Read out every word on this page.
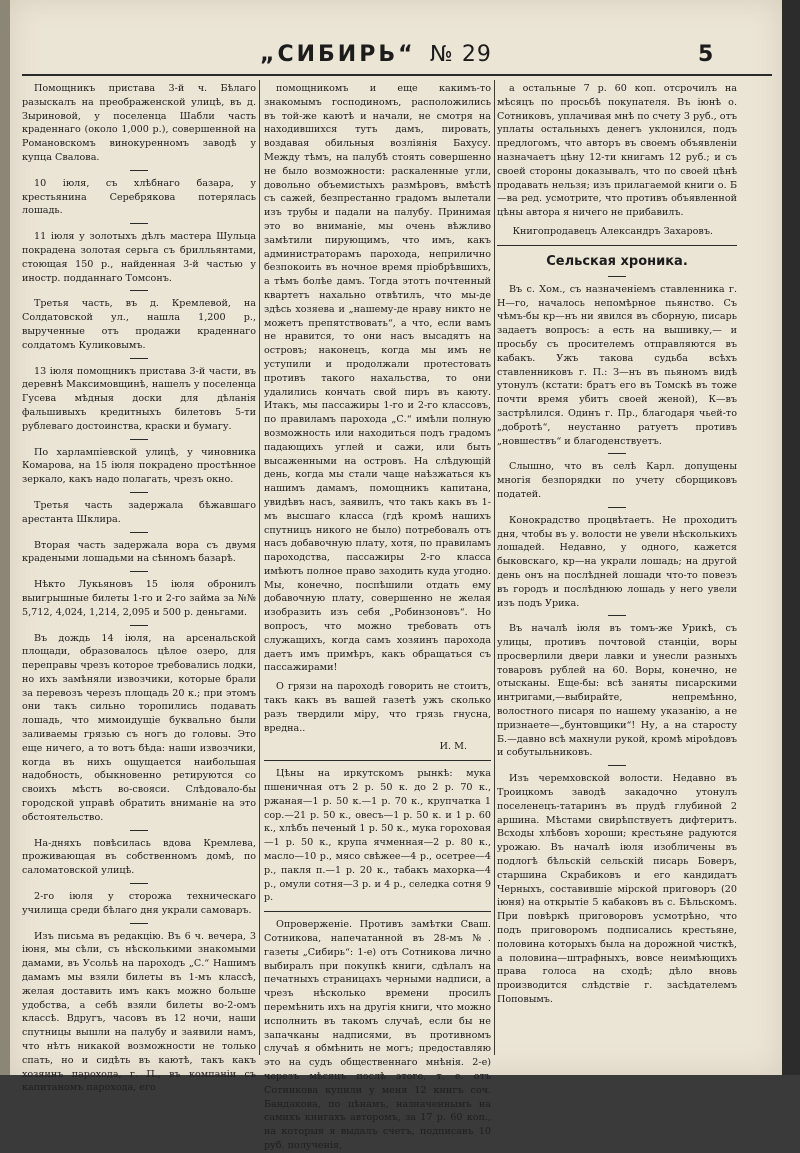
„СИБИРЬ“ № 29	5

Помощникъ пристава 3-й ч. Бѣлаго разыскалъ на преображенской улицѣ, въ д. Зыриновой, у поселенца Шабли часть краденнаго (около 1,000 р.), совершенной на Романовскомъ винокуренномъ заводѣ у купца Свалова.

10 іюля, съ хлѣбнаго базара, у крестьянина Серебрякова потерялась лошадь.

11 іюля у золотыхъ дѣлъ мастера Шульца покрадена золотая серьга съ брилльянтами, стоющая 150 р., найденная 3-й частью у иностр. подданнаго Томсонъ.

Третья часть, въ д. Кремлевой, на Солдатовской ул., нашла 1,200 р., вырученные отъ продажи краденнаго солдатомъ Куликовымъ.

13 іюля помощникъ пристава 3-й части, въ деревнѣ Максимовщинѣ, нашелъ у поселенца Гусева мѣдныя доски для дѣланія фальшивыхъ кредитныхъ билетовъ 5-ти рублеваго достоинства, краски и бумагу.

По харлампіевской улицѣ, у чиновника Комарова, на 15 іюля покрадено простѣнное зеркало, какъ надо полагать, чрезъ окно.

Третья часть задержала бѣжавшаго арестанта Шклира.

Вторая часть задержала вора съ двумя крадеными лошадьми на сѣнномъ базарѣ.

Нѣкто Лукьяновъ 15 іюля обронилъ выигрышные билеты 1-го и 2-го займа за №№ 5,712, 4,024, 1,214, 2,095 и 500 р. деньгами.

Въ дождь 14 іюля, на арсенальской площади, образовалось цѣлое озеро, для переправы чрезъ которое требовались лодки, но ихъ замѣняли извозчики, которые брали за перевозъ черезъ площадь 20 к.; при этомъ они такъ сильно торопились подавать лошадь, что мимоидущіе буквально были заливаемы грязью съ ногъ до головы. Это еще ничего, а то вотъ бѣда: наши извозчики, когда въ нихъ ощущается наибольшая надобность, обыкновенно ретируются со своихъ мѣстъ во-свояси. Слѣдовало-бы городской управѣ обратить вниманіе на это обстоятельство.

На-дняхъ повѣсилась вдова Кремлева, проживающая въ собственномъ домѣ, по саломатовской улицѣ.

2-го іюля у сторожа техническаго училища среди бѣлаго дня украли самоваръ.

Изъ письма въ редакцію. Въ 6 ч. вечера, 3 іюня, мы сѣли, съ нѣсколькими знакомыми дамами, въ Усольѣ на пароходъ „С.“ Нашимъ дамамъ мы взяли билеты въ 1-мъ классѣ, желая доставить имъ какъ можно больше удобства, а себѣ взяли билеты во-2-омъ классѣ. Вдругъ, часовъ въ 12 ночи, наши спутницы вышли на палубу и заявили намъ, что нѣтъ никакой возможности не только спать, но и сидѣть въ каютѣ, такъ какъ хозяинъ парохода, г. П., въ компаніи съ капитаномъ парохода, его

помощникомъ и еще какимъ-то знакомымъ господиномъ, расположились въ той-же каютѣ и начали, не смотря на находившихся тутъ дамъ, пировать, воздавая обильныя возліянія Бахусу. Между тѣмъ, на палубѣ стоять совершенно не было возможности: раскаленные угли, довольно объемистыхъ размѣровъ, вмѣстѣ съ сажей, безпрестанно градомъ вылетали изъ трубы и падали на палубу. Принимая это во вниманіе, мы очень вѣжливо замѣтили пирующимъ, что имъ, какъ администраторамъ парохода, неприлично безпокоить въ ночное время пріобрѣвшихъ, а тѣмъ болѣе дамъ. Тогда этотъ почтенный квартетъ нахально отвѣтилъ, что мы-де здѣсь хозяева и „нашему-де нраву никто не можетъ препятствовать“, а что, если вамъ не нравится, то они насъ высадятъ на островъ; наконецъ, когда мы имъ не уступили и продолжали протестовать противъ такого нахальства, то они удалились кончать свой пиръ въ каюту. Итакъ, мы пассажиры 1-го и 2-го классовъ, по правиламъ парохода „С.“ имѣли полную возможность или находиться подъ градомъ падающихъ углей и сажи, или быть высаженными на островъ. На слѣдующій день, когда мы стали чаще наѣзжаться къ нашимъ дамамъ, помощникъ капитана, увидѣвъ насъ, заявилъ, что такъ какъ въ 1-мъ высшаго класса (гдѣ кромѣ нашихъ спутницъ никого не было) потребовалъ отъ насъ добавочную плату, хотя, по правиламъ пароходства, пассажиры 2-го класса имѣютъ полное право заходить куда угодно. Мы, конечно, поспѣшили отдать ему добавочную плату, совершенно не желая изобразить изъ себя „Робинзоновъ“. Но вопросъ, что можно требовать отъ служащихъ, когда самъ хозяинъ парохода даетъ имъ примѣръ, какъ обращаться съ пассажирами!

О грязи на пароходѣ говорить не стоитъ, такъ какъ въ вашей газетѣ ужъ сколько разъ твердили міру, что грязь гнусна, вредна..

И. М.

Цѣны на иркутскомъ рынкѣ: мука пшеничная отъ 2 р. 50 к. до 2 р. 70 к., ржаная—1 р. 50 к.—1 р. 70 к., крупчатка 1 сор.—21 р. 50 к., овесъ—1 р. 50 к. и 1 р. 60 к., хлѣбъ печеный 1 р. 50 к., мука гороховая—1 р. 50 к., крупа ячменная—2 р. 80 к., масло—10 р., мясо свѣжее—4 р., осетрее—4 р., пакля п.—1 р. 20 к., табакъ махорка—4 р., омули сотня—3 р. и 4 р., селедка сотня 9 р.

Опроверженіе. Противъ замѣтки Сваш. Сотникова, напечатанной въ 28-мъ №. газеты „Сибирь“: 1-е) отъ Сотникова лично выбиралъ при покупкѣ книги, сдѣлалъ на печатныхъ страницахъ черными надписи, а чрезъ нѣсколько времени просилъ перемѣнить ихъ на другія книги, что можно исполнить въ такомъ случаѣ, если бы не запачканы надписями, въ противномъ случаѣ я обмѣнить не могъ; предоставляю это на судъ общественнаго мнѣнія. 2-е) черезъ мѣсяцъ послѣ этого, т. е. отъ Сотникова купили у меня 12 книгъ соч. Бандакова, по цѣнамъ, назначеннымъ на самихъ книгахъ авторомъ, за 17 р. 60 коп., на которыя я выдалъ счетъ, подписавъ 10 руб. полученія,

а остальные 7 р. 60 коп. отсрочилъ на мѣсяцъ по просьбѣ покупателя. Въ іюнѣ о. Сотниковъ, уплачивая мнѣ по счету 3 руб., отъ уплаты остальныхъ денегъ уклонился, подъ предлогомъ, что авторъ въ своемъ объявленіи назначаетъ цѣну 12-ти книгамъ 12 руб.; и съ своей стороны доказывалъ, что по своей цѣнѣ продавать нельзя; изъ прилагаемой книги о. Б—ва ред. усмотрите, что противъ объявленной цѣны автора я ничего не прибавилъ.

Книгопродавецъ Александръ Захаровъ.

Сельская хроника.

Въ с. Хом., съ назначеніемъ ставленника г. Н—го, началось непомѣрное пьянство. Съ чѣмъ-бы кр—нъ ни явился въ сборную, писарь задаетъ вопросъ: а есть на вышивку,— и просьбу съ просителемъ отправляются въ кабакъ. Ужъ такова судьба всѣхъ ставленниковъ г. П.: З—нъ въ пьяномъ видѣ утонулъ (кстати: братъ его въ Томскѣ въ тоже почти время убитъ своей женой), К—въ застрѣлился. Одинъ г. Пр., благодаря чьей-то „добротѣ“, неустанно ратуетъ противъ „новшествъ“ и благоденствуетъ.

Слышно, что въ селѣ Карл. допущены многія безпорядки по учету сборщиковъ податей.

Конокрадство процвѣтаетъ. Не проходитъ дня, чтобы въ у. волости не увели нѣсколькихъ лошадей. Недавно, у одного, кажется быковскаго, кр—на украли лошадь; на другой день онъ на послѣдней лошади что-то повезъ въ городъ и послѣднюю лошадь у него увели изъ подъ Урика.

Въ началѣ іюля въ томъ-же Урикѣ, съ улицы, противъ почтовой станціи, воры просверлили двери лавки и унесли разныхъ товаровъ рублей на 60. Воры, конечно, не отысканы. Еще-бы: всѣ заняты писарскими интригами,—выбирайте, непремѣнно, волостного писаря по нашему указанію, а не признаете—„бунтовщики“! Ну, а на старосту Б.—давно всѣ махнули рукой, кромѣ міроѣдовъ и собутыльниковъ.

Изъ черемховской волости. Недавно въ Троицкомъ заводѣ закадочно утонулъ поселенецъ-татаринъ въ прудѣ глубиной 2 аршина. Мѣстами свирѣпствуетъ дифтеритъ. Всходы хлѣбовъ хороши; крестьяне радуются урожаю. Въ началѣ іюля изобличены въ подлогѣ бѣльскій сельскій писарь Боверъ, старшина Скрабиковъ и его кандидатъ Черныхъ, составившіе мірской приговоръ (20 іюня) на открытіе 5 кабаковъ въ с. Бѣльскомъ. При повѣркѣ приговоровъ усмотрѣно, что подъ приговоромъ подписались крестьяне, половина которыхъ была на дорожной чисткѣ, а половина—штрафныхъ, вовсе неимѣющихъ права голоса на сходѣ; дѣло вновь производится слѣдствіе г. засѣдателемъ Поповымъ.
